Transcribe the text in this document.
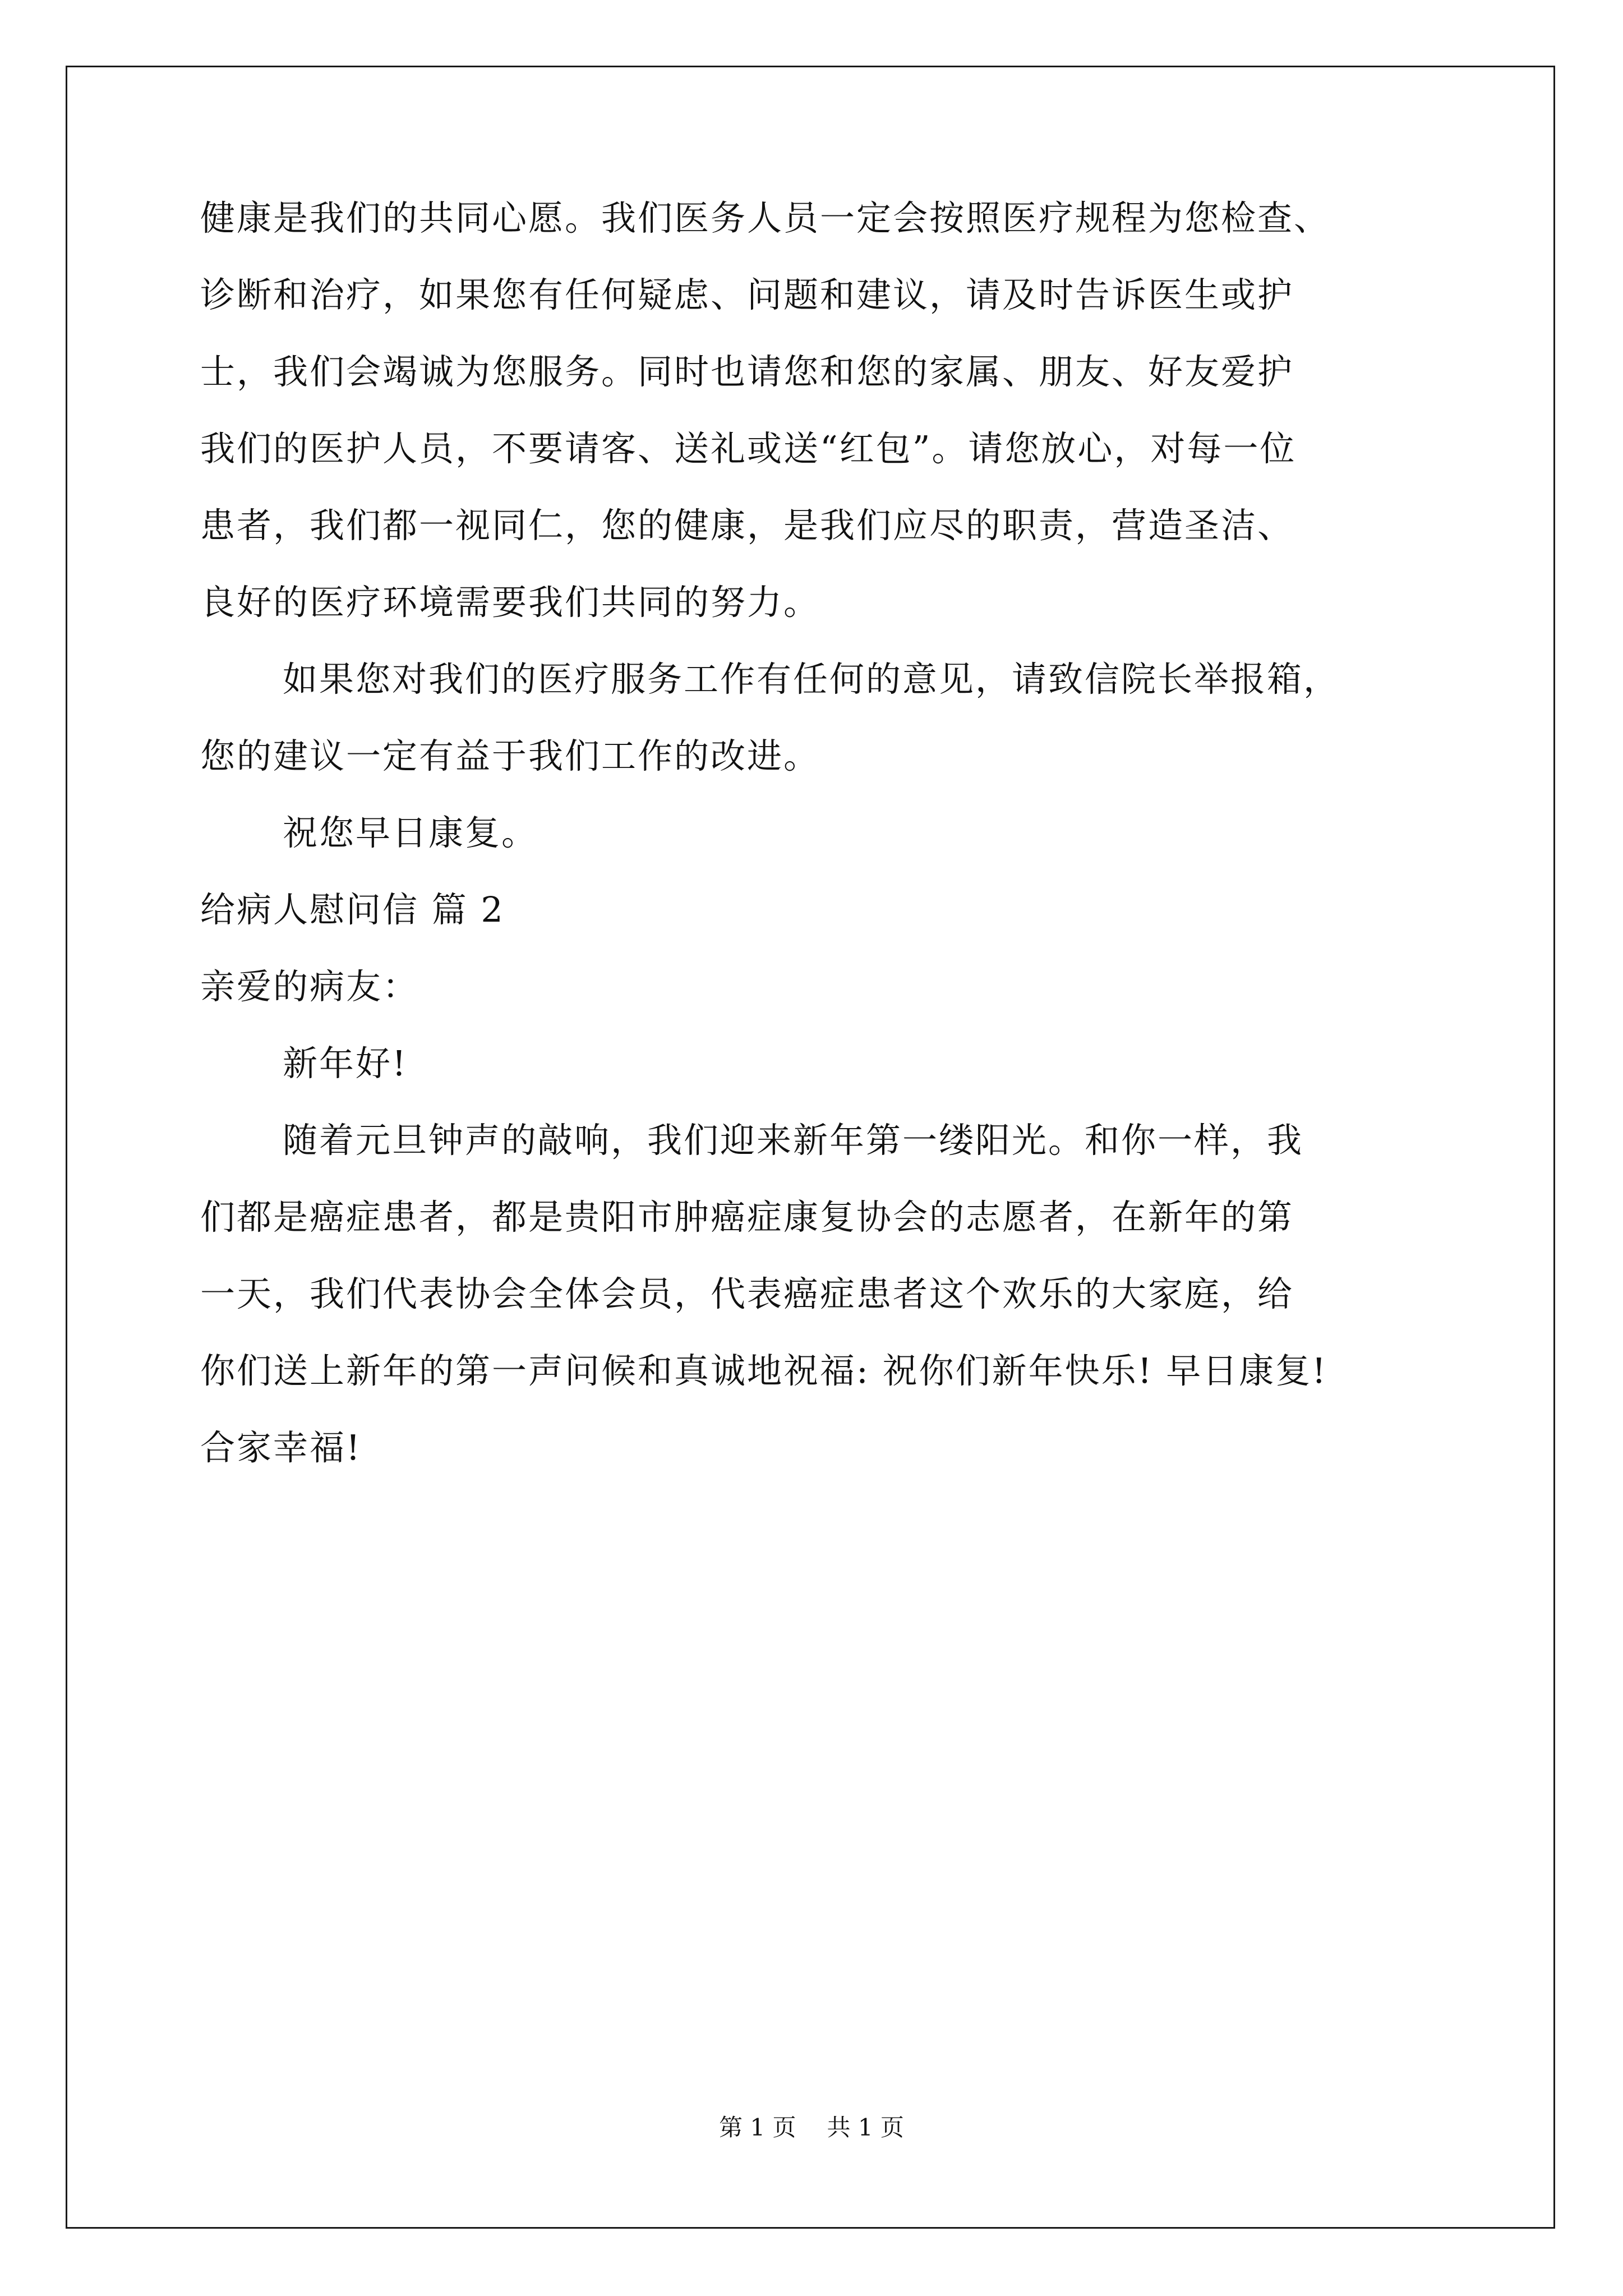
健康是我们的共同心愿。我们医务人员一定会按照医疗规程为您检查、
诊断和治疗，如果您有任何疑虑、问题和建议，请及时告诉医生或护
士，我们会竭诚为您服务。同时也请您和您的家属、朋友、好友爱护
我们的医护人员，不要请客、送礼或送“红包”。请您放心，对每一位
患者，我们都一视同仁，您的健康，是我们应尽的职责，营造圣洁、
良好的医疗环境需要我们共同的努力。
如果您对我们的医疗服务工作有任何的意见，请致信院长举报箱，
您的建议一定有益于我们工作的改进。
祝您早日康复。
给病人慰问信 篇 2
亲爱的病友：
新年好!
随着元旦钟声的敲响，我们迎来新年第一缕阳光。和你一样，我
们都是癌症患者，都是贵阳市肿癌症康复协会的志愿者，在新年的第
一天，我们代表协会全体会员，代表癌症患者这个欢乐的大家庭，给
你们送上新年的第一声问候和真诚地祝福: 祝你们新年快乐! 早日康复!
合家幸福!
第 1 页 共 1 页
